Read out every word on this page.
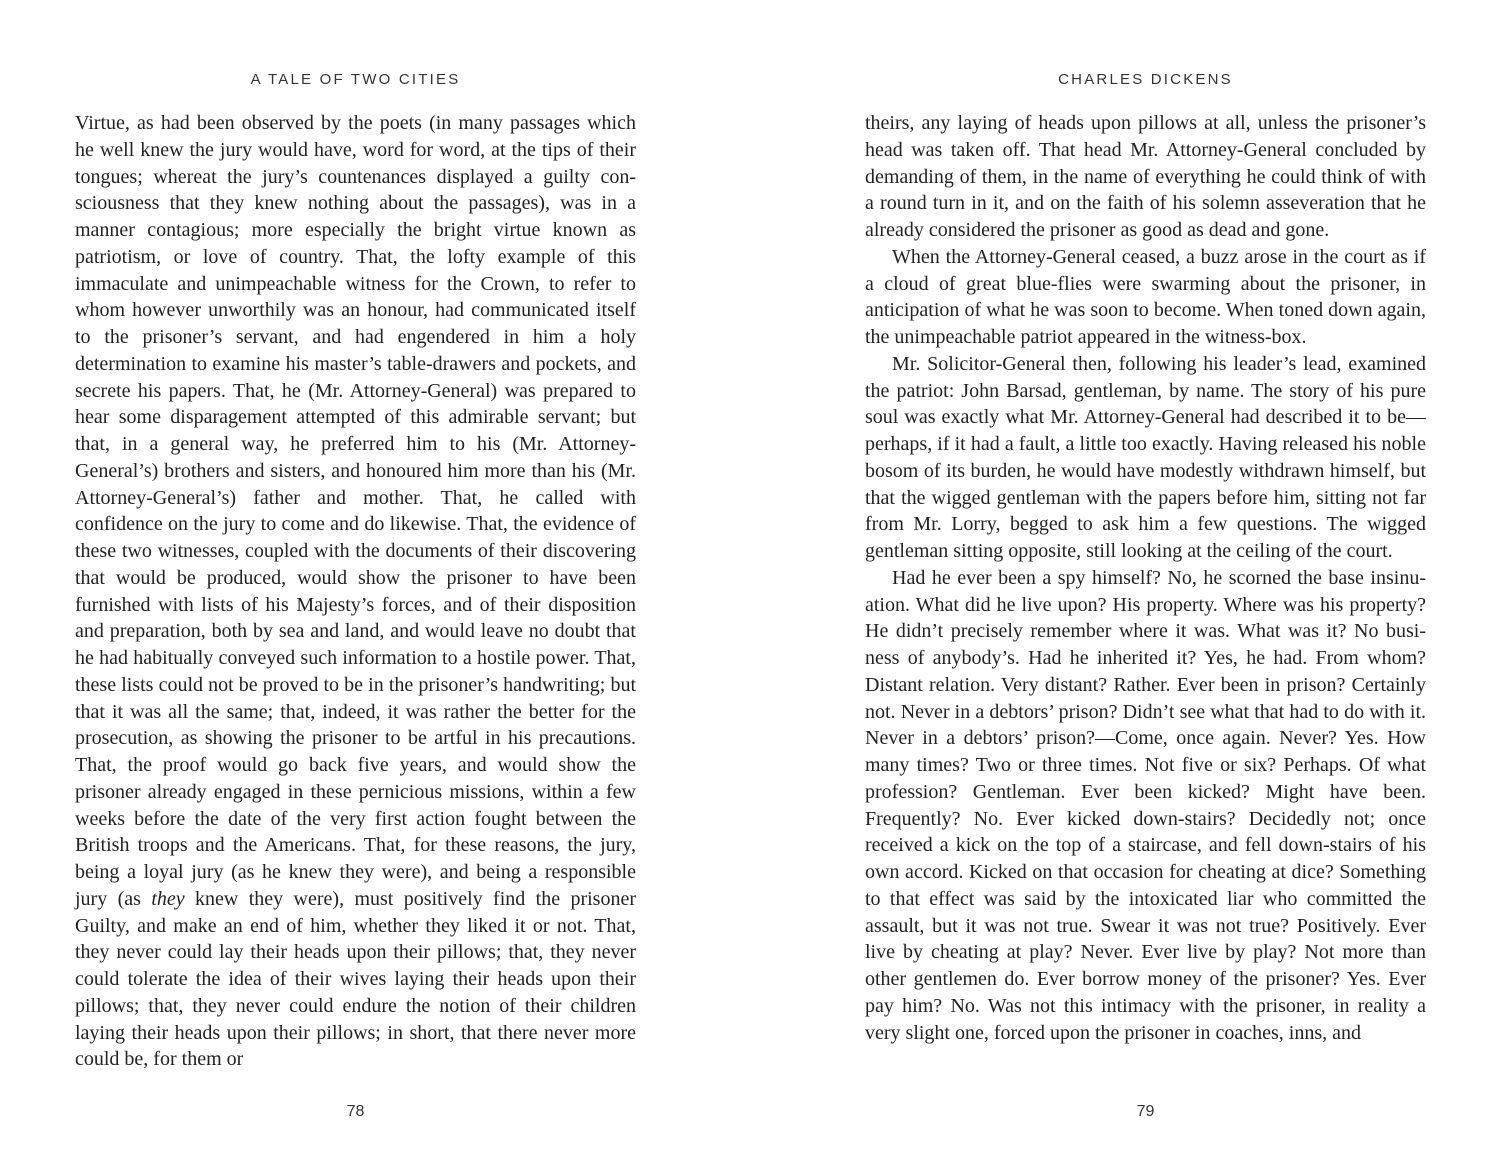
A TALE OF TWO CITIES

Virtue, as had been observed by the poets (in many passages which he well knew the jury would have, word for word, at the tips of their tongues; whereat the jury’s countenances displayed a guilty consciousness that they knew nothing about the passages), was in a manner contagious; more especially the bright virtue known as patriotism, or love of country. That, the lofty example of this immaculate and unimpeachable witness for the Crown, to refer to whom however unworthily was an honour, had communicated itself to the prisoner’s servant, and had engendered in him a holy determination to examine his master’s table-drawers and pockets, and secrete his papers. That, he (Mr. Attorney-General) was prepared to hear some disparagement attempted of this admirable servant; but that, in a general way, he preferred him to his (Mr. Attorney-General’s) brothers and sisters, and honoured him more than his (Mr. Attorney-General’s) father and mother. That, he called with confidence on the jury to come and do likewise. That, the evidence of these two witnesses, coupled with the documents of their discovering that would be produced, would show the prisoner to have been furnished with lists of his Majesty’s forces, and of their disposition and preparation, both by sea and land, and would leave no doubt that he had habitually conveyed such information to a hostile power. That, these lists could not be proved to be in the prisoner’s handwriting; but that it was all the same; that, indeed, it was rather the better for the prosecution, as showing the prisoner to be artful in his precautions. That, the proof would go back five years, and would show the prisoner already engaged in these pernicious missions, within a few weeks before the date of the very first action fought between the British troops and the Americans. That, for these reasons, the jury, being a loyal jury (as he knew they were), and being a responsible jury (as they knew they were), must positively find the prisoner Guilty, and make an end of him, whether they liked it or not. That, they never could lay their heads upon their pillows; that, they never could tolerate the idea of their wives laying their heads upon their pillows; that, they never could endure the notion of their children laying their heads upon their pillows; in short, that there never more could be, for them or

78
CHARLES DICKENS

theirs, any laying of heads upon pillows at all, unless the prisoner’s head was taken off. That head Mr. Attorney-General concluded by demanding of them, in the name of everything he could think of with a round turn in it, and on the faith of his solemn asseveration that he already considered the prisoner as good as dead and gone.

When the Attorney-General ceased, a buzz arose in the court as if a cloud of great blue-flies were swarming about the prisoner, in anticipation of what he was soon to become. When toned down again, the unimpeachable patriot appeared in the witness-box.

Mr. Solicitor-General then, following his leader’s lead, examined the patriot: John Barsad, gentleman, by name. The story of his pure soul was exactly what Mr. Attorney-General had described it to be—perhaps, if it had a fault, a little too exactly. Having released his noble bosom of its burden, he would have modestly withdrawn himself, but that the wigged gentleman with the papers before him, sitting not far from Mr. Lorry, begged to ask him a few questions. The wigged gentleman sitting opposite, still looking at the ceiling of the court.

Had he ever been a spy himself? No, he scorned the base insinuation. What did he live upon? His property. Where was his property? He didn’t precisely remember where it was. What was it? No business of anybody’s. Had he inherited it? Yes, he had. From whom? Distant relation. Very distant? Rather. Ever been in prison? Certainly not. Never in a debtors’ prison? Didn’t see what that had to do with it. Never in a debtors’ prison?—Come, once again. Never? Yes. How many times? Two or three times. Not five or six? Perhaps. Of what profession? Gentleman. Ever been kicked? Might have been. Frequently? No. Ever kicked down-stairs? Decidedly not; once received a kick on the top of a staircase, and fell down-stairs of his own accord. Kicked on that occasion for cheating at dice? Something to that effect was said by the intoxicated liar who committed the assault, but it was not true. Swear it was not true? Positively. Ever live by cheating at play? Never. Ever live by play? Not more than other gentlemen do. Ever borrow money of the prisoner? Yes. Ever pay him? No. Was not this intimacy with the prisoner, in reality a very slight one, forced upon the prisoner in coaches, inns, and

79
